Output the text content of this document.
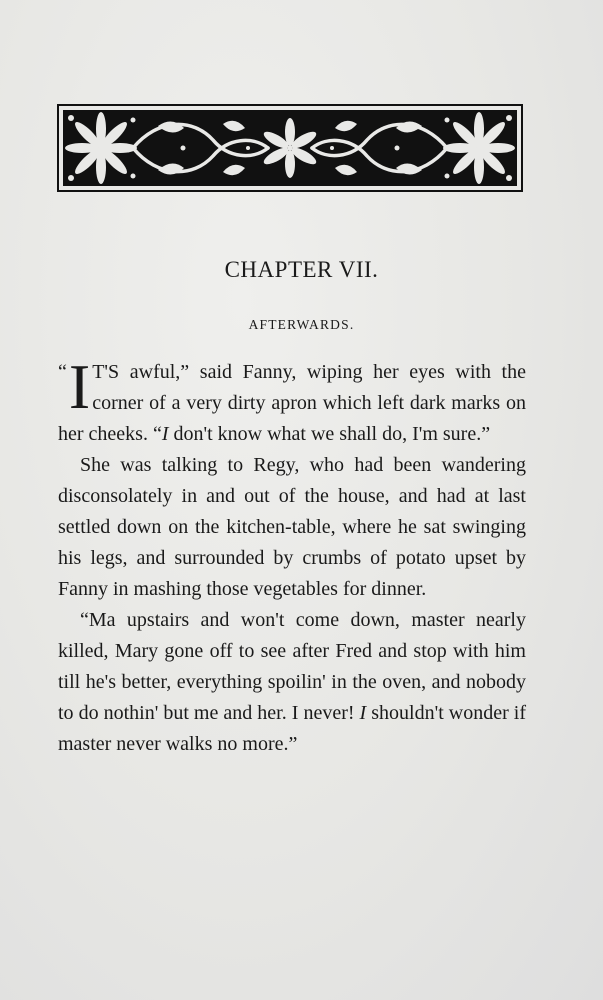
CHAPTER VII.
AFTERWARDS.

“ I T'S awful,” said Fanny, wiping her eyes with the corner of a very dirty apron which left dark marks on her cheeks. “I don't know what we shall do, I'm sure.”

She was talking to Regy, who had been wandering disconsolately in and out of the house, and had at last settled down on the kitchen-table, where he sat swinging his legs, and surrounded by crumbs of potato upset by Fanny in mashing those vegetables for dinner.

“Ma upstairs and won't come down, master nearly killed, Mary gone off to see after Fred and stop with him till he's better, everything spoilin' in the oven, and nobody to do nothin' but me and her. I never! I shouldn't wonder if master never walks no more.”
